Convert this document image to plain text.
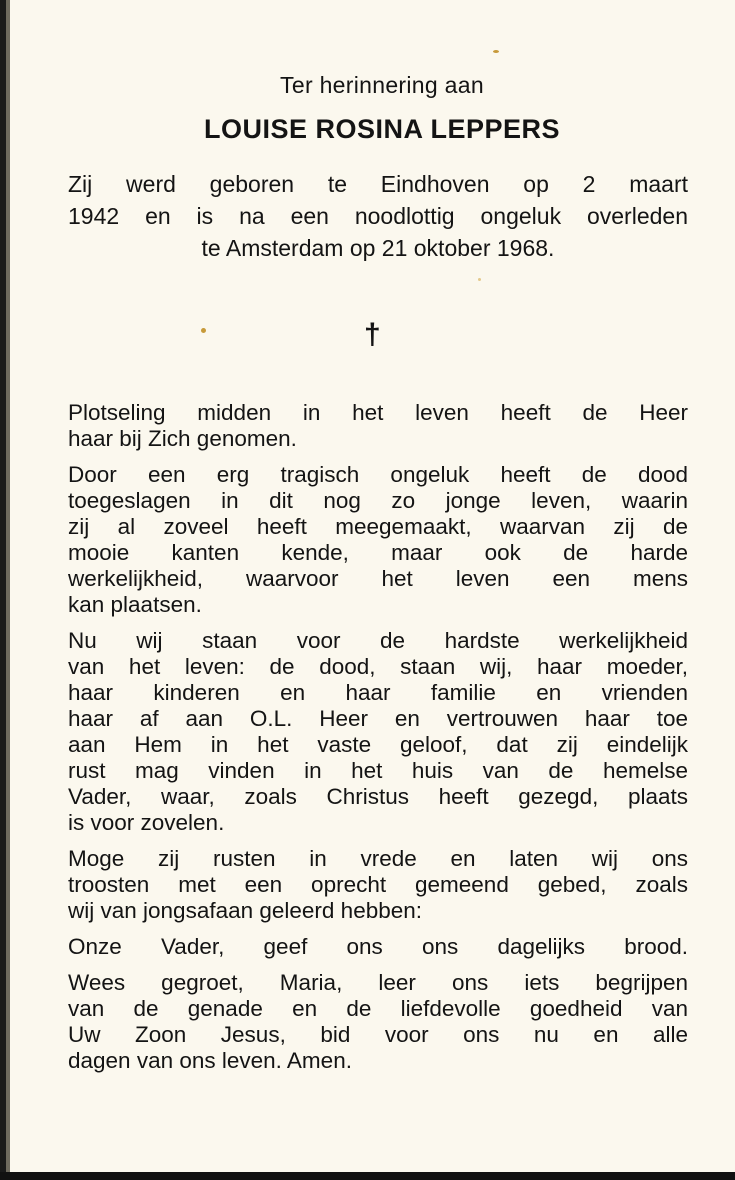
Ter herinnering aan
LOUISE ROSINA LEPPERS
Zij werd geboren te Eindhoven op 2 maart
1942 en is na een noodlottig ongeluk overleden
te Amsterdam op 21 oktober 1968.
†
Plotseling midden in het leven heeft de Heer
haar bij Zich genomen.
Door een erg tragisch ongeluk heeft de dood
toegeslagen in dit nog zo jonge leven, waarin
zij al zoveel heeft meegemaakt, waarvan zij de
mooie kanten kende, maar ook de harde
werkelijkheid, waarvoor het leven een mens
kan plaatsen.
Nu wij staan voor de hardste werkelijkheid
van het leven: de dood, staan wij, haar moeder,
haar kinderen en haar familie en vrienden
haar af aan O.L. Heer en vertrouwen haar toe
aan Hem in het vaste geloof, dat zij eindelijk
rust mag vinden in het huis van de hemelse
Vader, waar, zoals Christus heeft gezegd, plaats
is voor zovelen.
Moge zij rusten in vrede en laten wij ons
troosten met een oprecht gemeend gebed, zoals
wij van jongsafaan geleerd hebben:
Onze Vader, geef ons ons dagelijks brood.
Wees gegroet, Maria, leer ons iets begrijpen
van de genade en de liefdevolle goedheid van
Uw Zoon Jesus, bid voor ons nu en alle
dagen van ons leven. Amen.
